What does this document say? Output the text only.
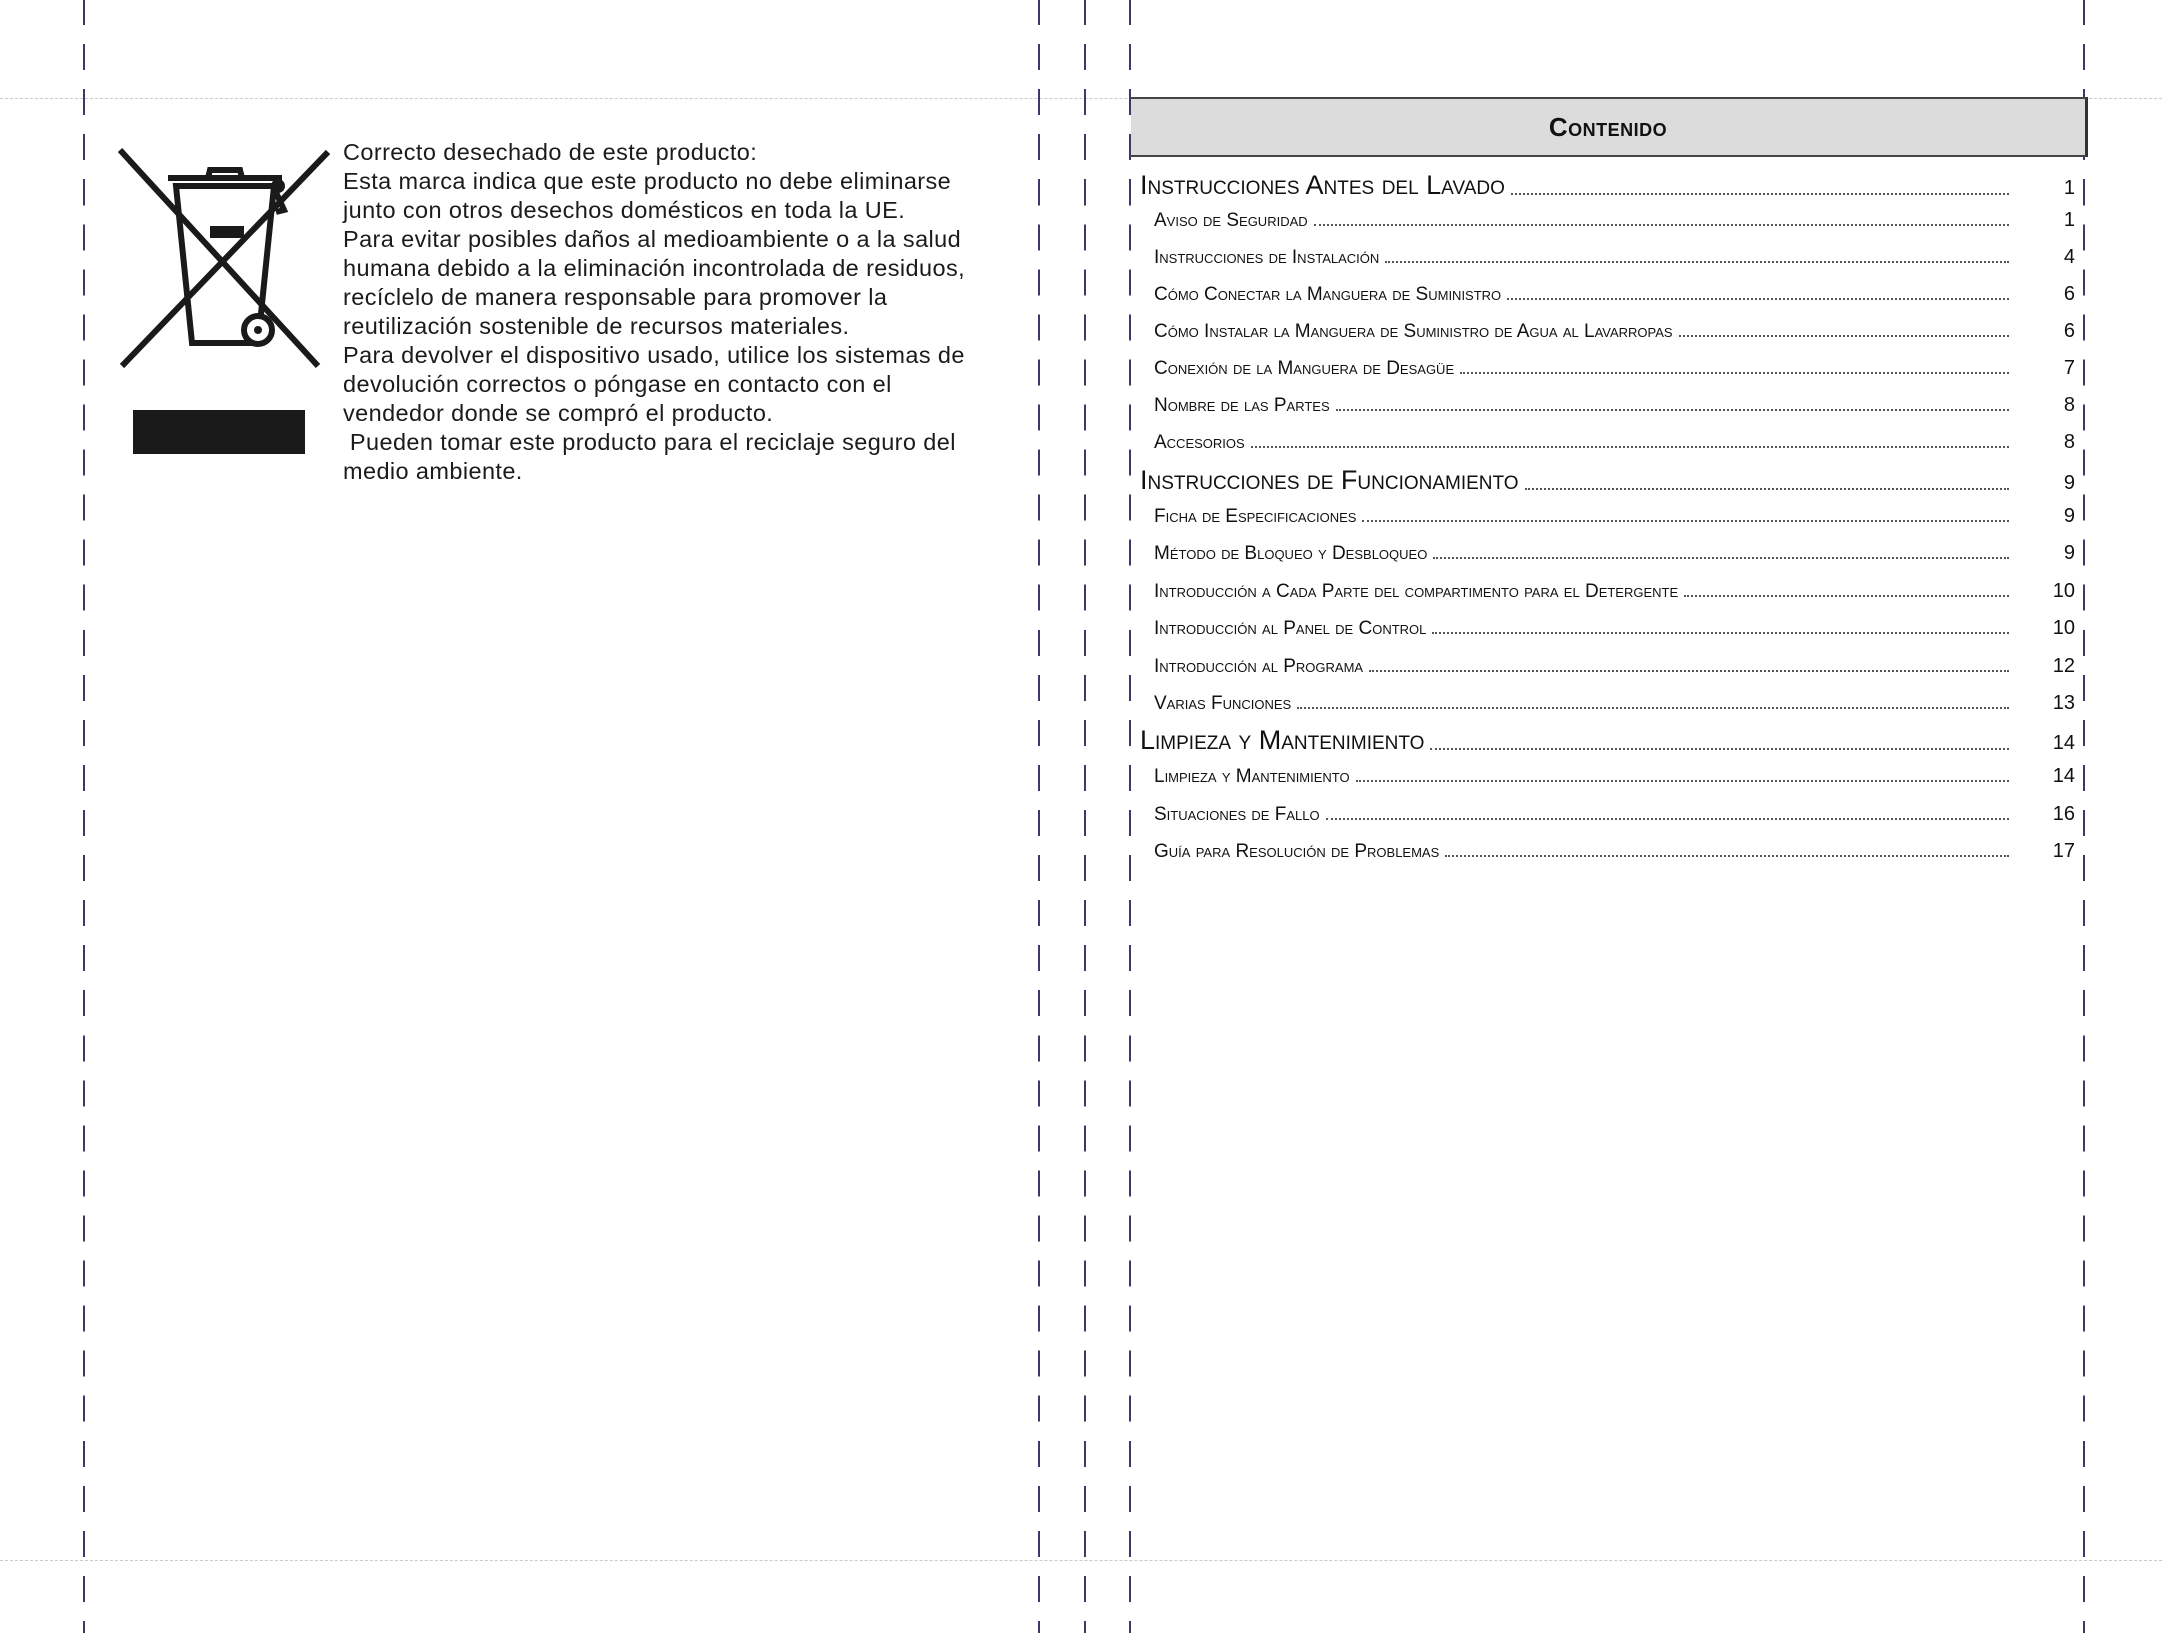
Correcto desechado de este producto:

Esta marca indica que este producto no debe eliminarse

junto con otros desechos domésticos en toda la UE.

Para evitar posibles daños al medioambiente o a la salud

humana debido a la eliminación incontrolada de residuos,

recíclelo de manera responsable para promover la

reutilización sostenible de recursos materiales.

Para devolver el dispositivo usado, utilice los sistemas de

devolución correctos o póngase en contacto con el

vendedor donde se compró el producto.

Pueden tomar este producto para el reciclaje seguro del

medio ambiente.

Contenido
Instrucciones Antes del Lavado	1
Aviso de Seguridad	1
Instrucciones de Instalación	4
Cómo Conectar la Manguera de Suministro	6
Cómo Instalar la Manguera de Suministro de Agua al Lavarropas	6
Conexión de la Manguera de Desagüe	7
Nombre de las Partes	8
Accesorios	8
Instrucciones de Funcionamiento	9
Ficha de Especificaciones	9
Método de Bloqueo y Desbloqueo	9
Introducción a Cada Parte del compartimento para el Detergente	10
Introducción al Panel de Control	10
Introducción al Programa	12
Varias Funciones	13
Limpieza y Mantenimiento	14
Limpieza y Mantenimiento	14
Situaciones de Fallo	16
Guía para Resolución de Problemas	17
